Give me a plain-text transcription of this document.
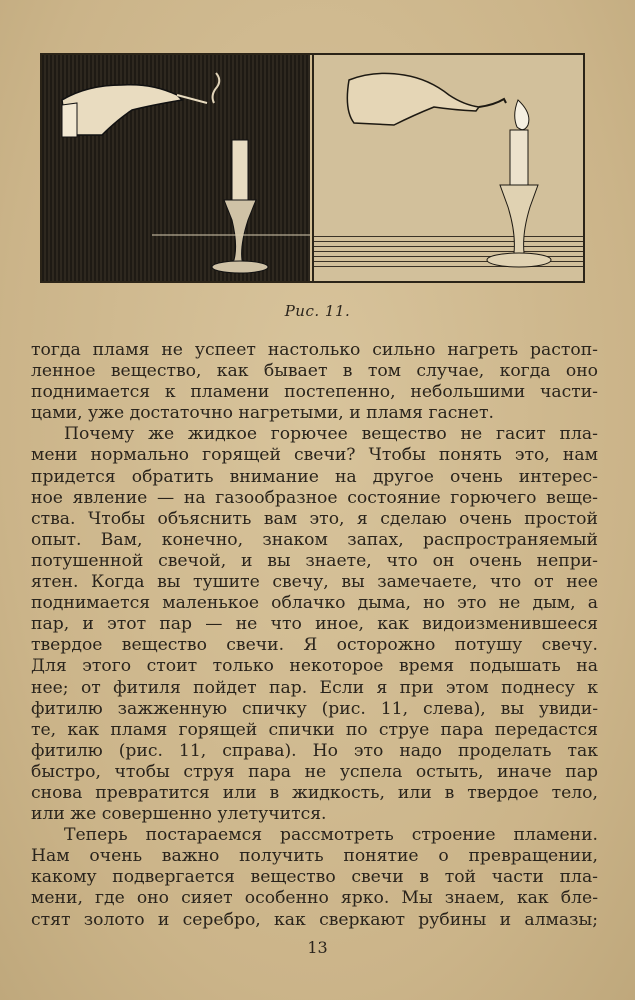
Рис. 11.
тогда пламя не успеет настолько сильно нагреть растоп-
ленное вещество, как бывает в том случае, когда оно
поднимается к пламени постепенно, небольшими части-
цами, уже достаточно нагретыми, и пламя гаснет.
Почему же жидкое горючее вещество не гасит пла-
мени нормально горящей свечи? Чтобы понять это, нам
придется обратить внимание на другое очень интерес-
ное явление — на газообразное состояние горючего веще-
ства. Чтобы объяснить вам это, я сделаю очень простой
опыт. Вам, конечно, знаком запах, распространяемый
потушенной свечой, и вы знаете, что он очень непри-
ятен. Когда вы тушите свечу, вы замечаете, что от нее
поднимается маленькое облачко дыма, но это не дым, а
пар, и этот пар — не что иное, как видоизменившееся
твердое вещество свечи. Я осторожно потушу свечу.
Для этого стоит только некоторое время подышать на
нее; от фитиля пойдет пар. Если я при этом поднесу к
фитилю зажженную спичку (рис. 11, слева), вы увиди-
те, как пламя горящей спички по струе пара передастся
фитилю (рис. 11, справа). Но это надо проделать так
быстро, чтобы струя пара не успела остыть, иначе пар
снова превратится или в жидкость, или в твердое тело,
или же совершенно улетучится.
Теперь постараемся рассмотреть строение пламени.
Нам очень важно получить понятие о превращении,
какому подвергается вещество свечи в той части пла-
мени, где оно сияет особенно ярко. Мы знаем, как бле-
стят золото и серебро, как сверкают рубины и алмазы;
13
